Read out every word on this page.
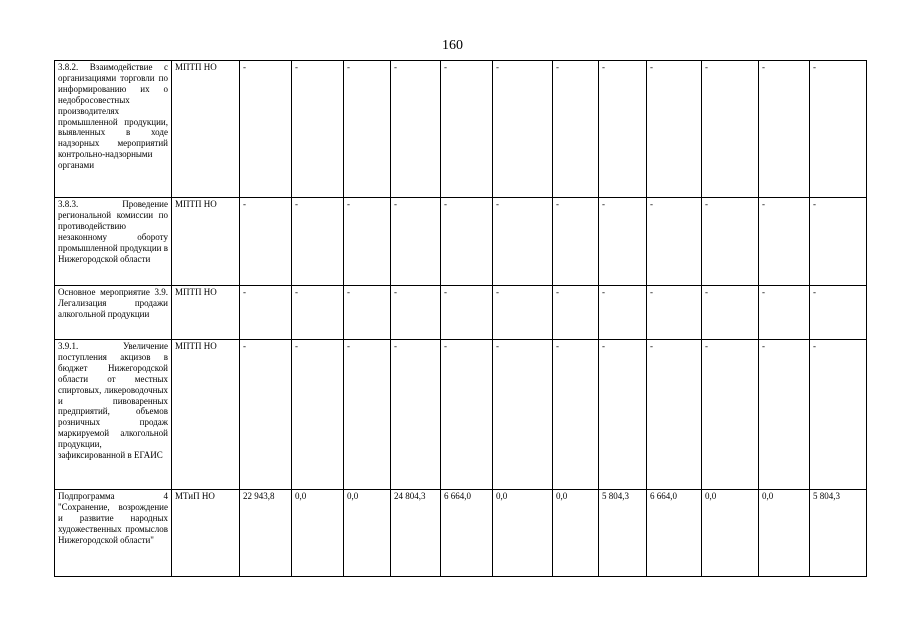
160
3.8.2. Взаимодействие с организациями торговли по информированию их о недобросовестных производителях промышленной продукции, выявленных в ходе надзорных мероприятий контрольно-надзорными органами	МПТП НО	-	-	-	-	-	-	-	-	-	-	-	-
3.8.3. Проведение региональной комиссии по противодействию незаконному обороту промышленной продукции в Нижегородской области	МПТП НО	-	-	-	-	-	-	-	-	-	-	-	-
Основное мероприятие 3.9. Легализация продажи алкогольной продукции	МПТП НО	-	-	-	-	-	-	-	-	-	-	-	-
3.9.1. Увеличение поступления акцизов в бюджет Нижегородской области от местных спиртовых, ликероводочных и пивоваренных предприятий, объемов розничных продаж маркируемой алкогольной продукции, зафиксированной в ЕГАИС	МПТП НО	-	-	-	-	-	-	-	-	-	-	-	-
Подпрограмма 4 "Сохранение, возрождение и развитие народных художественных промыслов Нижегородской области"	МТиП НО	22 943,8	0,0	0,0	24 804,3	6 664,0	0,0	0,0	5 804,3	6 664,0	0,0	0,0	5 804,3
